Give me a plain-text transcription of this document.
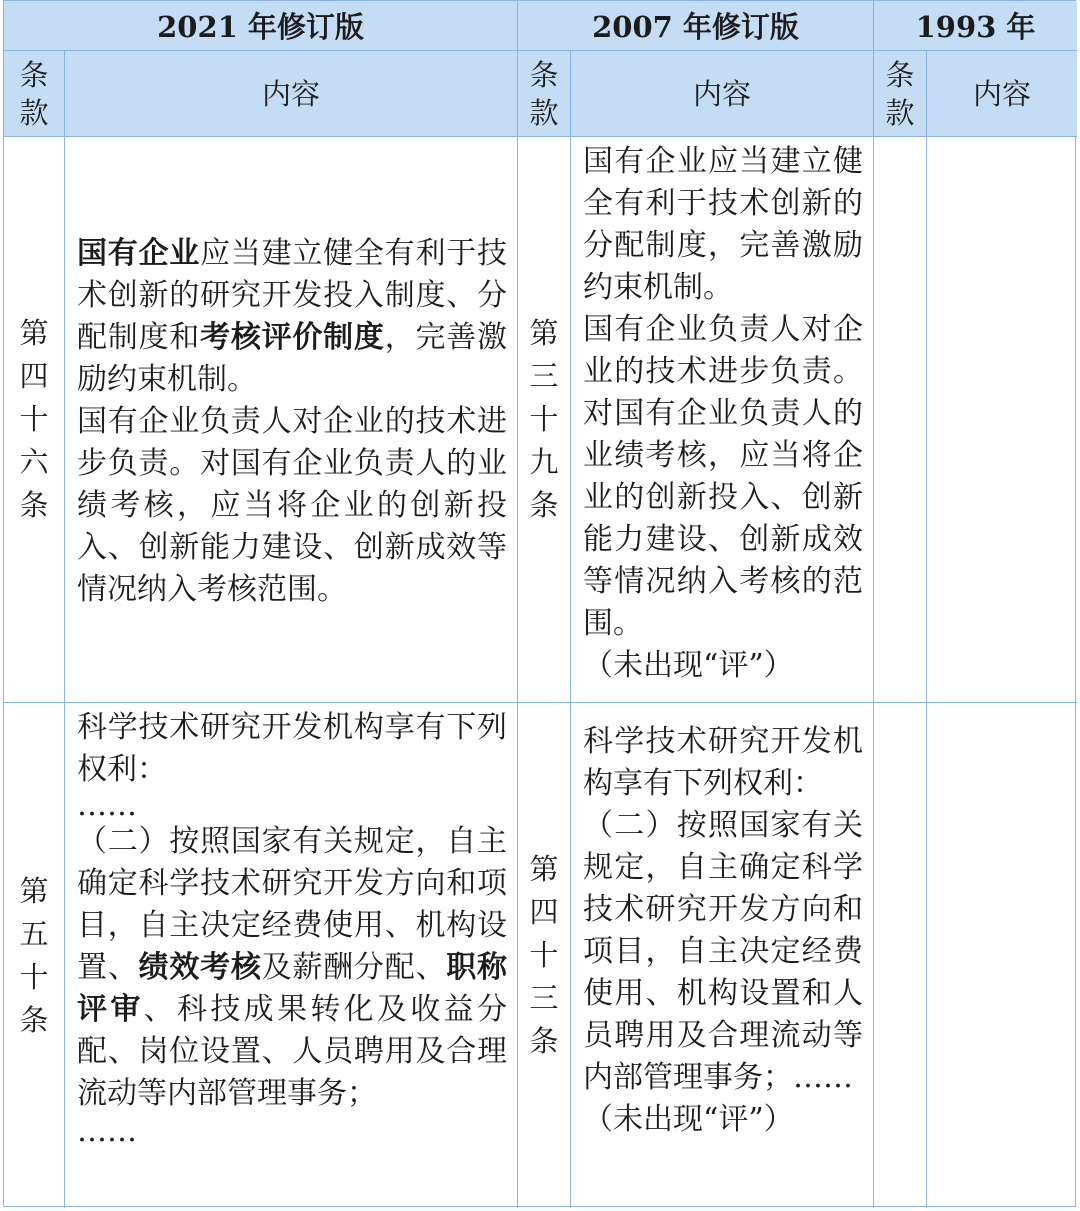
2021 年修订版	2007 年修订版	1993 年
条款
内容
条款
内容
条款
内容
第四十六条

国有企业应当建立健全有利于技术创新的研究开发投入制度、分配制度和考核评价制度，完善激励约束机制。

国有企业负责人对企业的技术进步负责。对国有企业负责人的业绩考核，应当将企业的创新投入、创新能力建设、创新成效等情况纳入考核范围。

第三十九条

国有企业应当建立健全有利于技术创新的分配制度，完善激励约束机制。

国有企业负责人对企业的技术进步负责。对国有企业负责人的业绩考核，应当将企业的创新投入、创新能力建设、创新成效等情况纳入考核的范围。

（未出现“评”）

第五十条

科学技术研究开发机构享有下列权利：

……

（二）按照国家有关规定，自主确定科学技术研究开发方向和项目，自主决定经费使用、机构设置、绩效考核及薪酬分配、职称评审、科技成果转化及收益分配、岗位设置、人员聘用及合理流动等内部管理事务；

……

第四十三条

科学技术研究开发机构享有下列权利：

（二）按照国家有关规定，自主确定科学技术研究开发方向和项目，自主决定经费使用、机构设置和人员聘用及合理流动等内部管理事务；……

（未出现“评”）
